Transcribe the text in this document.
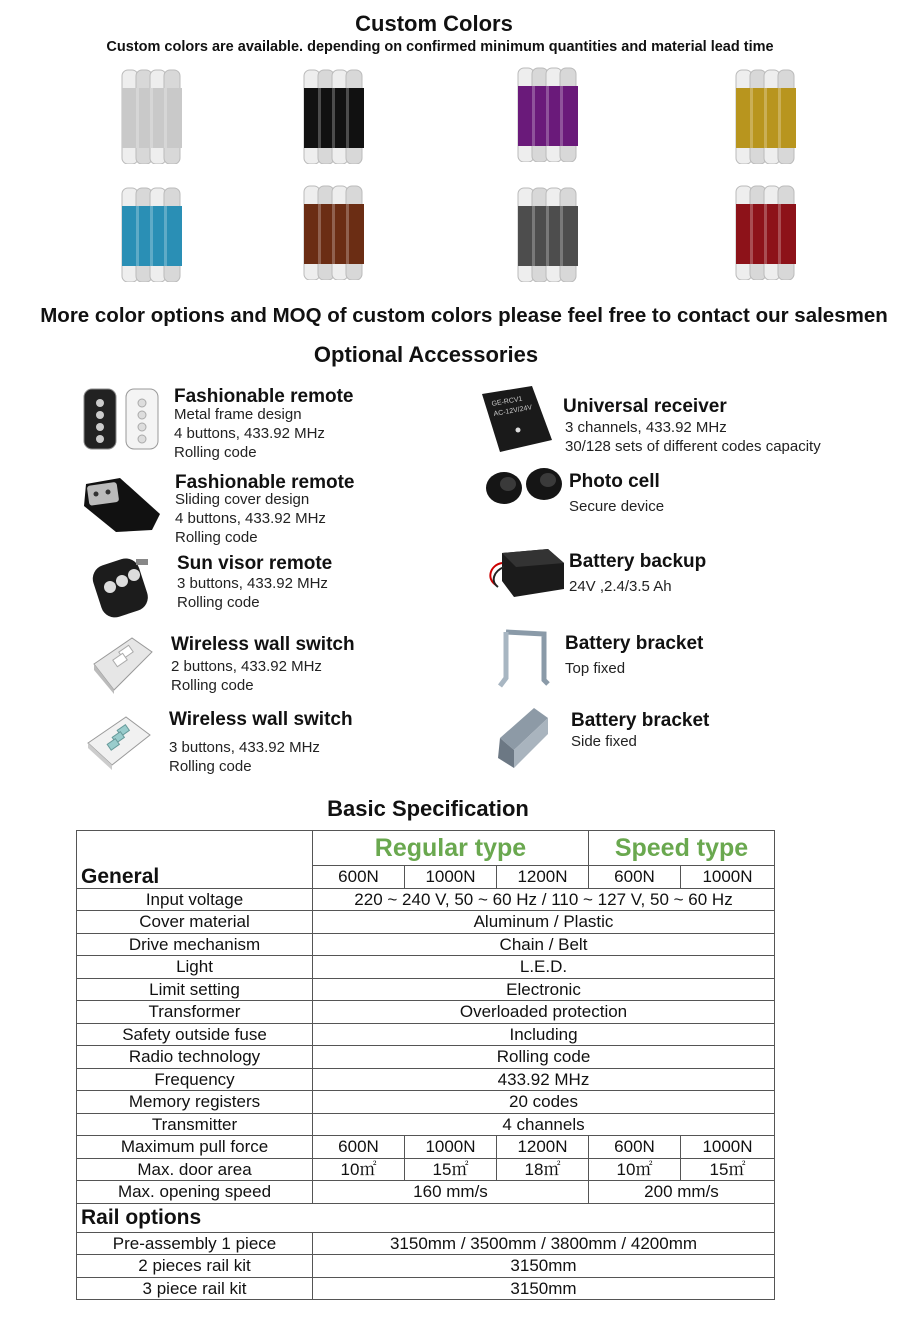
Custom Colors
Custom colors are available. depending on confirmed minimum quantities and material lead time
More color options and MOQ of custom colors please feel free to contact our salesmen
Optional Accessories
GE-RCV1
AC-12V/24V
Fashionable remote
Metal frame design
4 buttons, 433.92 MHz
Rolling code
Fashionable remote
Sliding cover design
4 buttons, 433.92 MHz
Rolling code
Sun visor remote
3 buttons, 433.92 MHz
Rolling code
Wireless wall switch
2 buttons, 433.92 MHz
Rolling code
Wireless wall switch
3 buttons, 433.92 MHz
Rolling code
Universal receiver
3 channels, 433.92 MHz
30/128 sets of different codes capacity
Photo cell
Secure device
Battery backup
24V ,2.4/3.5 Ah
Battery bracket
Top fixed
Battery bracket
Side fixed
Basic Specification
	Regular type			Speed type	
General	600N	1000N	1200N	600N	1000N
Input voltage	220 ~ 240 V, 50 ~ 60 Hz / 110 ~ 127 V, 50 ~ 60 Hz				
Cover material	Aluminum / Plastic				
Drive mechanism	Chain / Belt				
Light	L.E.D.				
Limit setting	Electronic				
Transformer	Overloaded protection				
Safety outside fuse	Including				
Radio technology	Rolling code				
Frequency	433.92 MHz				
Memory registers	20 codes				
Transmitter	4 channels				
Maximum pull force	600N	1000N	1200N	600N	1000N
Max. door area	10㎡	15㎡	18㎡	10㎡	15㎡
Max. opening speed	160 mm/s			200 mm/s	
Rail options					
Pre-assembly 1 piece	3150mm / 3500mm / 3800mm / 4200mm				
2 pieces rail kit	3150mm				
3 piece rail kit	3150mm				
